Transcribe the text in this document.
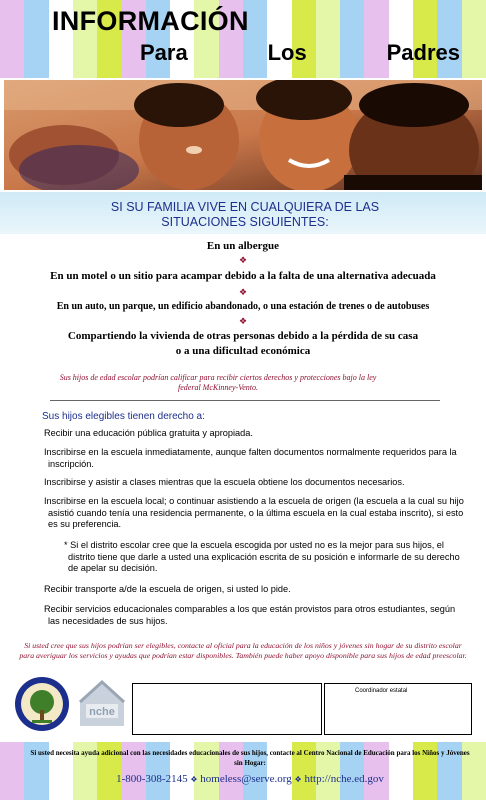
INFORMACIÓN
Para	Los	Padres
SI SU FAMILIA VIVE EN CUALQUIERA DE LAS
SITUACIONES SIGUIENTES:
En un albergue
❖
En un motel o un sitio para acampar debido a la falta de una alternativa adecuada
❖
En un auto, un parque, un edificio abandonado, o una estación de trenes o de autobuses
❖
Compartiendo la vivienda de otras personas debido a la pérdida de su casa
o a una dificultad económica
Sus hijos de edad escolar podrían calificar para recibir ciertos derechos y protecciones bajo la ley federal McKinney-Vento.
Sus hijos elegibles tienen derecho a:

Recibir una educación pública gratuita y apropiada.

Inscribirse en la escuela inmediatamente, aunque falten documentos normalmente requeridos para la inscripción.

Inscribirse y asistir a clases mientras que la escuela obtiene los documentos necesarios.

Inscribirse en la escuela local; o continuar asistiendo a la escuela de origen (la escuela a la cual su hijo asistió cuando tenía una residencia permanente, o la última escuela en la cual estaba inscrito), si esto es su preferencia.

* Si el distrito escolar cree que la escuela escogida por usted no es la mejor para sus hijos, el distrito tiene que darle a usted una explicación escrita de su posición e informarle de su derecho de apelar su decisión.

Recibir transporte a/de la escuela de origen, si usted lo pide.

Recibir servicios educacionales comparables a los que están provistos para otros estudiantes, según las necesidades de sus hijos.

Si usted cree que sus hijos podrían ser elegibles, contacte al oficial para la educación de los niños y jóvenes sin hogar de su distrito escolar para averiguar los servicios y ayudas que podrían estar disponibles. También puede haber apoyo disponible para sus hijos de edad preescolar.
nche
Coordinador estatal
Si usted necesita ayuda adicional con las necesidades educacionales de sus hijos, contacte al Centro Nacional de Educación para los Niños y Jóvenes sin Hogar:
1-800-308-2145 ❖ homeless@serve.org ❖ http://nche.ed.gov
